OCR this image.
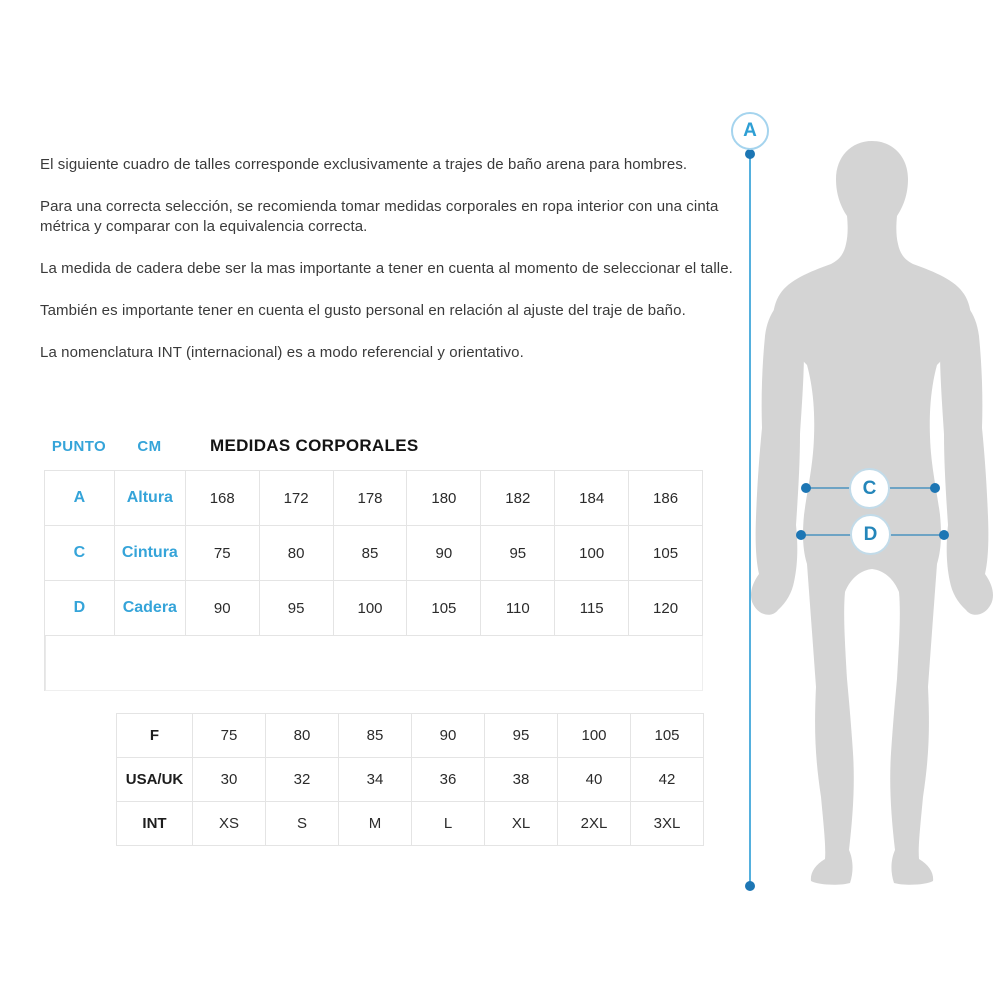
El siguiente cuadro de talles corresponde exclusivamente a trajes de baño arena para hombres.

Para una correcta selección, se recomienda tomar medidas corporales en ropa interior con una cinta métrica y comparar con la equivalencia correcta.

La medida de cadera debe ser la mas importante a tener en cuenta al momento de seleccionar el talle.

También es importante tener en cuenta el gusto personal en relación al ajuste del traje de baño.

La nomenclatura INT (internacional) es a modo referencial y orientativo.

PUNTO	CM	MEDIDAS CORPORALES
A	Altura	168	172	178	180	182	184	186
C	Cintura	75	80	85	90	95	100	105
D	Cadera	90	95	100	105	110	115	120
F	75	80	85	90	95	100	105
USA/UK	30	32	34	36	38	40	42
INT	XS	S	M	L	XL	2XL	3XL
A
C
D
